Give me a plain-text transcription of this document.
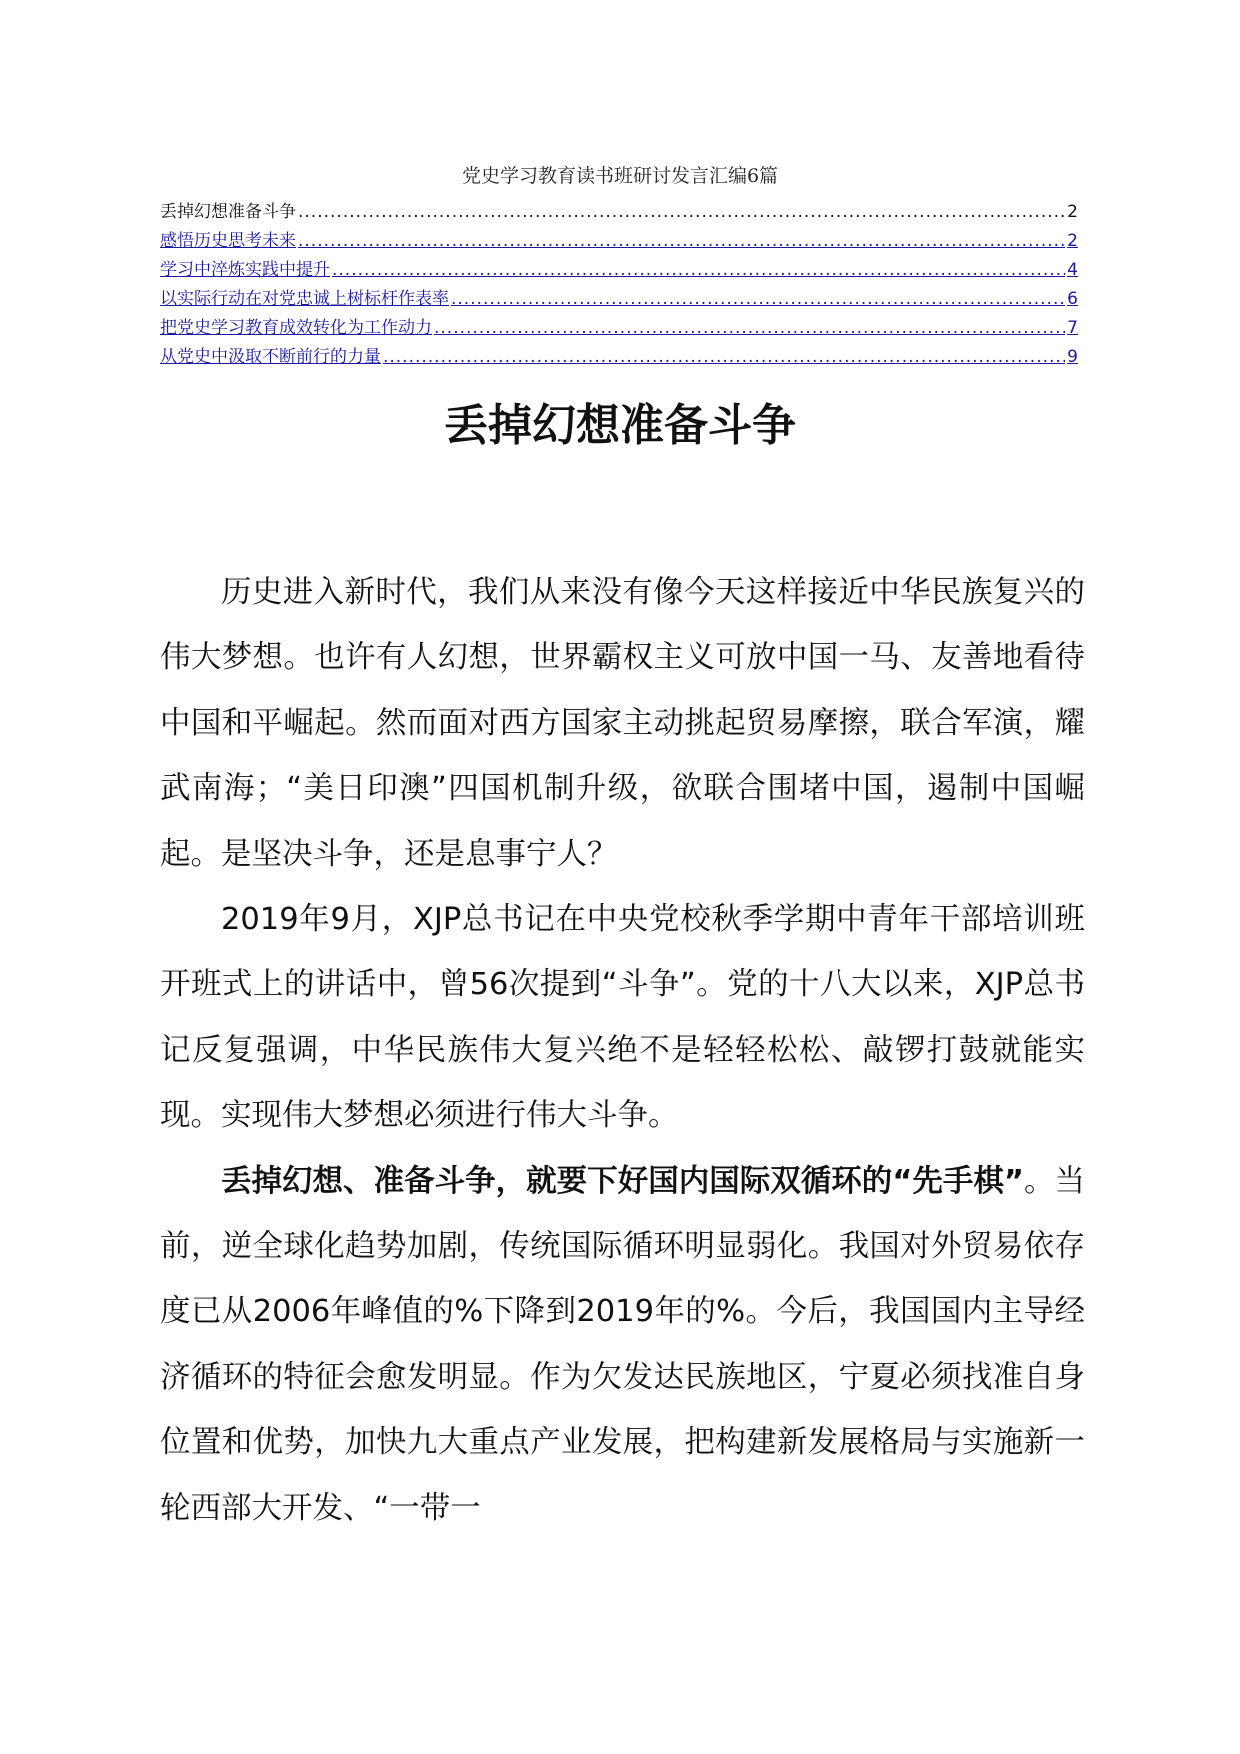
党史学习教育读书班研讨发言汇编6篇
丢掉幻想准备斗争 .....	2
感悟历史思考未来 .....	2
学习中淬炼实践中提升 .....	4
以实际行动在对党忠诚上树标杆作表率 .....	6
把党史学习教育成效转化为工作动力 .....	7
从党史中汲取不断前行的力量 .....	9
丢掉幻想准备斗争

历史进入新时代，我们从来没有像今天这样接近中华民族复兴的伟大梦想。也许有人幻想，世界霸权主义可放中国一马、友善地看待中国和平崛起。然而面对西方国家主动挑起贸易摩擦，联合军演，耀武南海；“美日印澳”四国机制升级，欲联合围堵中国，遏制中国崛起。是坚决斗争，还是息事宁人？

2019年9月，XJP总书记在中央党校秋季学期中青年干部培训班开班式上的讲话中，曾56次提到“斗争”。党的十八大以来，XJP总书记反复强调，中华民族伟大复兴绝不是轻轻松松、敲锣打鼓就能实现。实现伟大梦想必须进行伟大斗争。

丢掉幻想、准备斗争，就要下好国内国际双循环的“先手棋”。当前，逆全球化趋势加剧，传统国际循环明显弱化。我国对外贸易依存度已从2006年峰值的%下降到2019年的%。今后，我国国内主导经济循环的特征会愈发明显。作为欠发达民族地区，宁夏必须找准自身位置和优势，加快九大重点产业发展，把构建新发展格局与实施新一轮西部大开发、“一带一
